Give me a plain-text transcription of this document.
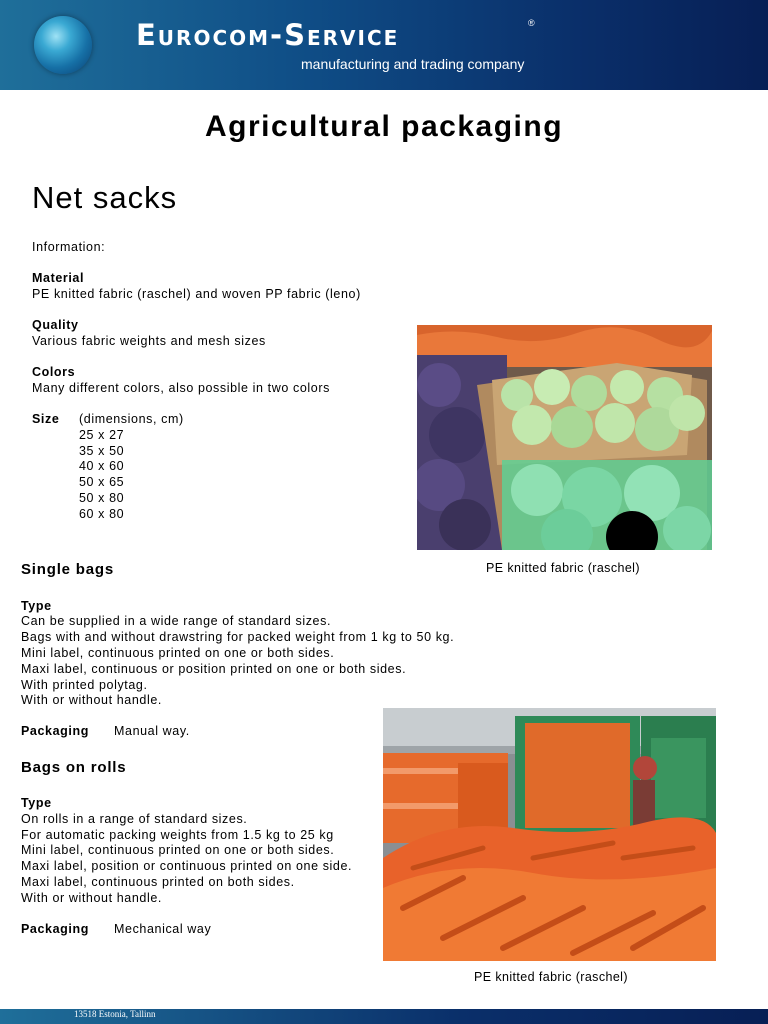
Eurocom-Service	®
manufacturing and trading company
Agricultural packaging
Net sacks
Information:
Material
PE knitted fabric (raschel) and woven PP fabric (leno)
Quality
Various fabric weights and mesh sizes
Colors
Many different colors, also possible in two colors
Size (dimensions, cm)
25 x 27
35 x 50
40 x 60
50 x 65
50 x 80
60 x 80
PE knitted fabric (raschel)
Single bags
Type
Can be supplied in a wide range of standard sizes.
Bags with and without drawstring for packed weight from 1 kg to 50 kg.
Mini label, continuous printed on one or both sides.
Maxi label, continuous or position printed on one or both sides.
With printed polytag.
With or without handle.
Packaging Manual way.
Bags on rolls
Type
On rolls in a range of standard sizes.
For automatic packing weights from 1.5 kg to 25 kg
Mini label, continuous printed on one or both sides.
Maxi label, position or continuous printed on one side.
Maxi label, continuous printed on both sides.
With or without handle.
Packaging Mechanical way
PE knitted fabric (raschel)
13518 Estonia, Tallinn
